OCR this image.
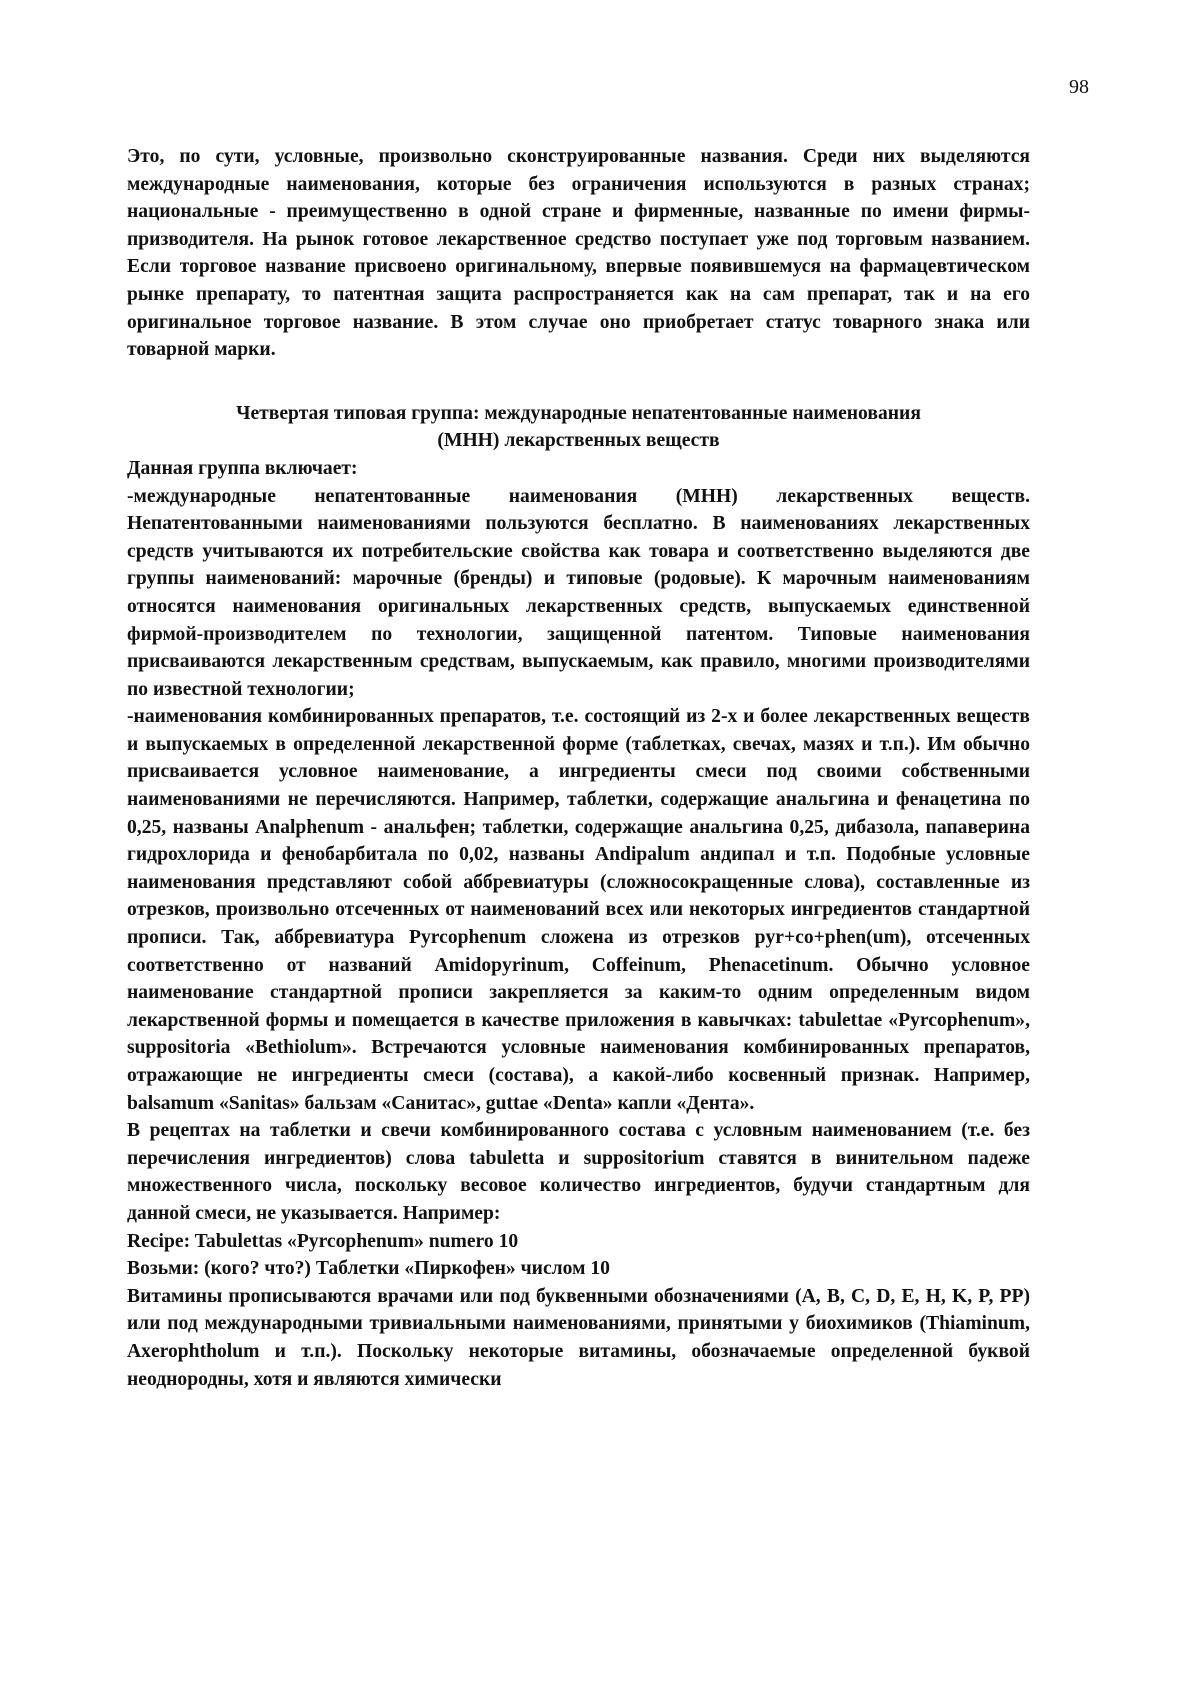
98

Это, по сути, условные, произвольно сконструированные названия. Среди них выделяются международные наименования, которые без ограничения используются в разных странах; национальные - преимущественно в одной стране и фирменные, названные по имени фирмы-призводителя. На рынок готовое лекарственное средство поступает уже под торговым названием. Если торговое название присвоено оригинальному, впервые появившемуся на фармацевтическом рынке препарату, то патентная защита распространяется как на сам препарат, так и на его оригинальное торговое название. В этом случае оно приобретает статус товарного знака или товарной марки.

Четвертая типовая группа: международные непатентованные наименования
(МНН) лекарственных веществ

Данная группа включает:

-международные непатентованные наименования (МНН) лекарственных веществ. Непатентованными наименованиями пользуются бесплатно. В наименованиях лекарственных средств учитываются их потребительские свойства как товара и соответственно выделяются две группы наименований: марочные (бренды) и типовые (родовые). К марочным наименованиям относятся наименования оригинальных лекарственных средств, выпускаемых единственной фирмой-производителем по технологии, защищенной патентом. Типовые наименования присваиваются лекарственным средствам, выпускаемым, как правило, многими производителями по известной технологии;

-наименования комбинированных препаратов, т.е. состоящий из 2-х и более лекарственных веществ и выпускаемых в определенной лекарственной форме (таблетках, свечах, мазях и т.п.). Им обычно присваивается условное наименование, а ингредиенты смеси под своими собственными наименованиями не перечисляются. Например, таблетки, содержащие анальгина и фенацетина по 0,25, названы Analphenum - анальфен; таблетки, содержащие анальгина 0,25, дибазола, папаверина гидрохлорида и фенобарбитала по 0,02, названы Andipalum андипал и т.п. Подобные условные наименования представляют собой аббревиатуры (сложносокращенные слова), составленные из отрезков, произвольно отсеченных от наименований всех или некоторых ингредиентов стандартной прописи. Так, аббревиатура Pyrcophenum сложена из отрезков pyr+co+phen(um), отсеченных соответственно от названий Amidopyrinum, Coffeinum, Phenacetinum. Обычно условное наименование стандартной прописи закрепляется за каким-то одним определенным видом лекарственной формы и помещается в качестве приложения в кавычках: tabulettae «Pyrcophenum», suppositoria «Bethiolum». Встречаются условные наименования комбинированных препаратов, отражающие не ингредиенты смеси (состава), а какой-либо косвенный признак. Например, balsamum «Sanitas» бальзам «Санитас», guttae «Denta» капли «Дента».

В рецептах на таблетки и свечи комбинированного состава с условным наименованием (т.е. без перечисления ингредиентов) слова tabuletta и suppositorium ставятся в винительном падеже множественного числа, поскольку весовое количество ингредиентов, будучи стандартным для данной смеси, не указывается. Например:

Recipe: Tabulettas «Pyrcophenum» numero 10

Возьми: (кого? что?) Таблетки «Пиркофен» числом 10

Витамины прописываются врачами или под буквенными обозначениями (А, В, С, D, E, H, K, P, PP) или под международными тривиальными наименованиями, принятыми у биохимиков (Thiaminum, Axerophtholum и т.п.). Поскольку некоторые витамины, обозначаемые определенной буквой неоднородны, хотя и являются химически
